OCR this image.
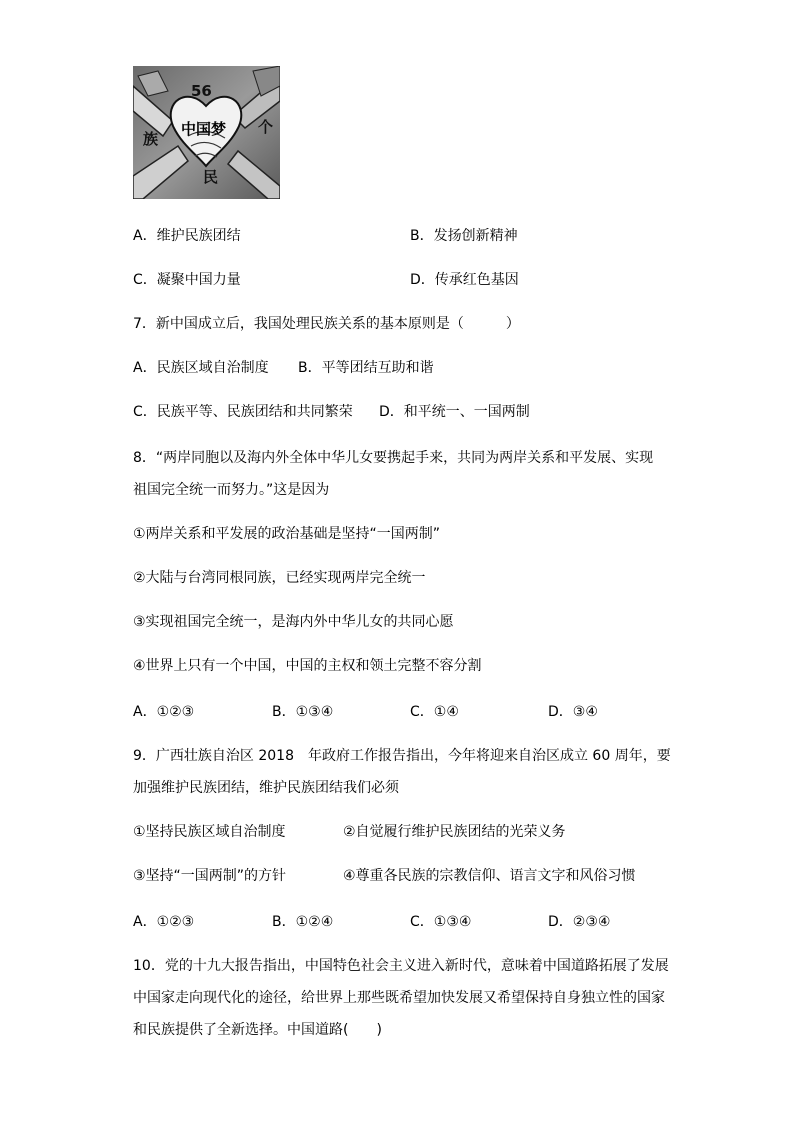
56
中国梦
族
个
民
A．维护民族团结	B．发扬创新精神
C．凝聚中国力量	D．传承红色基因
7．新中国成立后，我国处理民族关系的基本原则是（　　　）
A．民族区域自治制度 B．平等团结互助和谐
C．民族平等、民族团结和共同繁荣 D．和平统一、一国两制
8．“两岸同胞以及海内外全体中华儿女要携起手来，共同为两岸关系和平发展、实现
祖国完全统一而努力。”这是因为
①两岸关系和平发展的政治基础是坚持“一国两制”
②大陆与台湾同根同族，已经实现两岸完全统一
③实现祖国完全统一，是海内外中华儿女的共同心愿
④世界上只有一个中国，中国的主权和领土完整不容分割
A．①②③	B．①③④	C．①④	D．③④
9．广西壮族自治区 2018　年政府工作报告指出，今年将迎来自治区成立 60 周年，要
加强维护民族团结，维护民族团结我们必须
①坚持民族区域自治制度	②自觉履行维护民族团结的光荣义务
③坚持“一国两制”的方针	④尊重各民族的宗教信仰、语言文字和风俗习惯
A．①②③	B．①②④	C．①③④	D．②③④
10．党的十九大报告指出，中国特色社会主义进入新时代，意味着中国道路拓展了发展
中国家走向现代化的途径，给世界上那些既希望加快发展又希望保持自身独立性的国家
和民族提供了全新选择。中国道路(　　)
